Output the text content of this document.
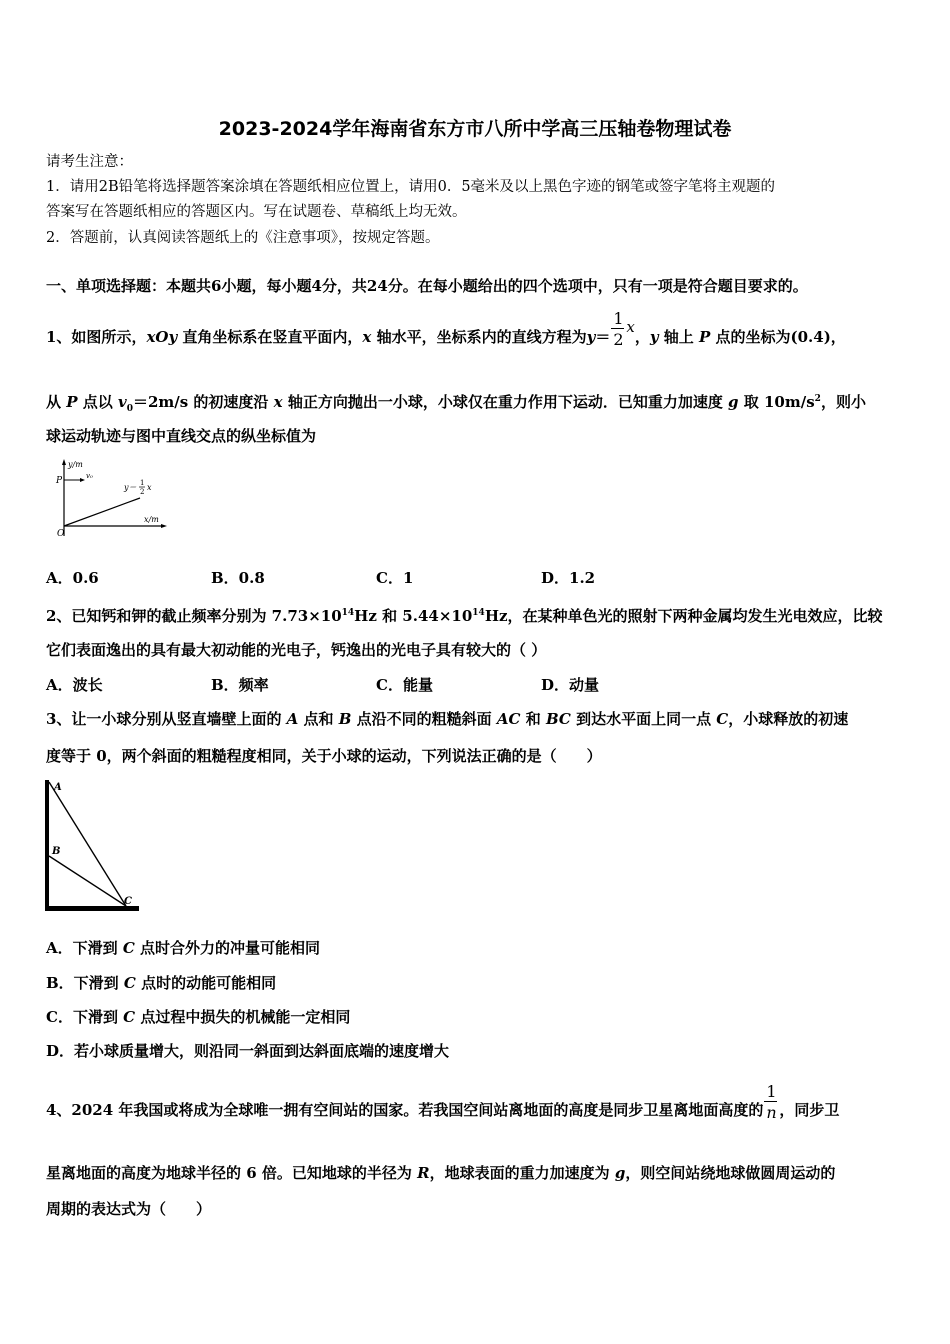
2023-2024学年海南省东方市八所中学高三压轴卷物理试卷
请考生注意：
1．请用2B铅笔将选择题答案涂填在答题纸相应位置上，请用0．5毫米及以上黑色字迹的钢笔或签字笔将主观题的
答案写在答题纸相应的答题区内。写在试题卷、草稿纸上均无效。
2．答题前，认真阅读答题纸上的《注意事项》，按规定答题。
一、单项选择题：本题共6小题，每小题4分，共24分。在每小题给出的四个选项中，只有一项是符合题目要求的。
1、如图所示，xOy 直角坐标系在竖直平面内，x 轴水平，坐标系内的直线方程为$y= \frac{1}{2}$
x，y 轴上 P 点的坐标为(0.4)，
从 P 点以 $v_0=2m/s$ 的初速度沿 x 轴正方向抛出一小球，小球仅在重力作用下运动．已知重力加速度 g 取 $10m/s^2$，则小
球运动轨迹与图中直线交点的纵坐标值为
y/m
x/m
P
O
v₀
y＝ 1
2 x
A．0.6	B．0.8	C．1	D．1.2
2、已知钙和钾的截止频率分别为 $7.73\times 10^{14}Hz$ 和 $5.44\times 10^{14}Hz$，在某种单色光的照射下两种金属均发生光电效应，比较
它们表面逸出的具有最大初动能的光电子，钙逸出的光电子具有较大的（ ）
A．波长	B．频率	C．能量	D．动量
3、让一小球分别从竖直墙壁上面的 A 点和 B 点沿不同的粗糙斜面 AC 和 BC 到达水平面上同一点 C，小球释放的初速
度等于 0，两个斜面的粗糙程度相同，关于小球的运动，下列说法正确的是（　　）
A
B
C
A．下滑到 C 点时合外力的冲量可能相同
B．下滑到 C 点时的动能可能相同
C．下滑到 C 点过程中损失的机械能一定相同
D．若小球质量增大，则沿同一斜面到达斜面底端的速度增大
4、2024 年我国或将成为全球唯一拥有空间站的国家。若我国空间站离地面的高度是同步卫星离地面高度的 $\frac{1}{n}$ ，同步卫
星离地面的高度为地球半径的 6 倍。已知地球的半径为 R，地球表面的重力加速度为 g，则空间站绕地球做圆周运动的
周期的表达式为（　　）
